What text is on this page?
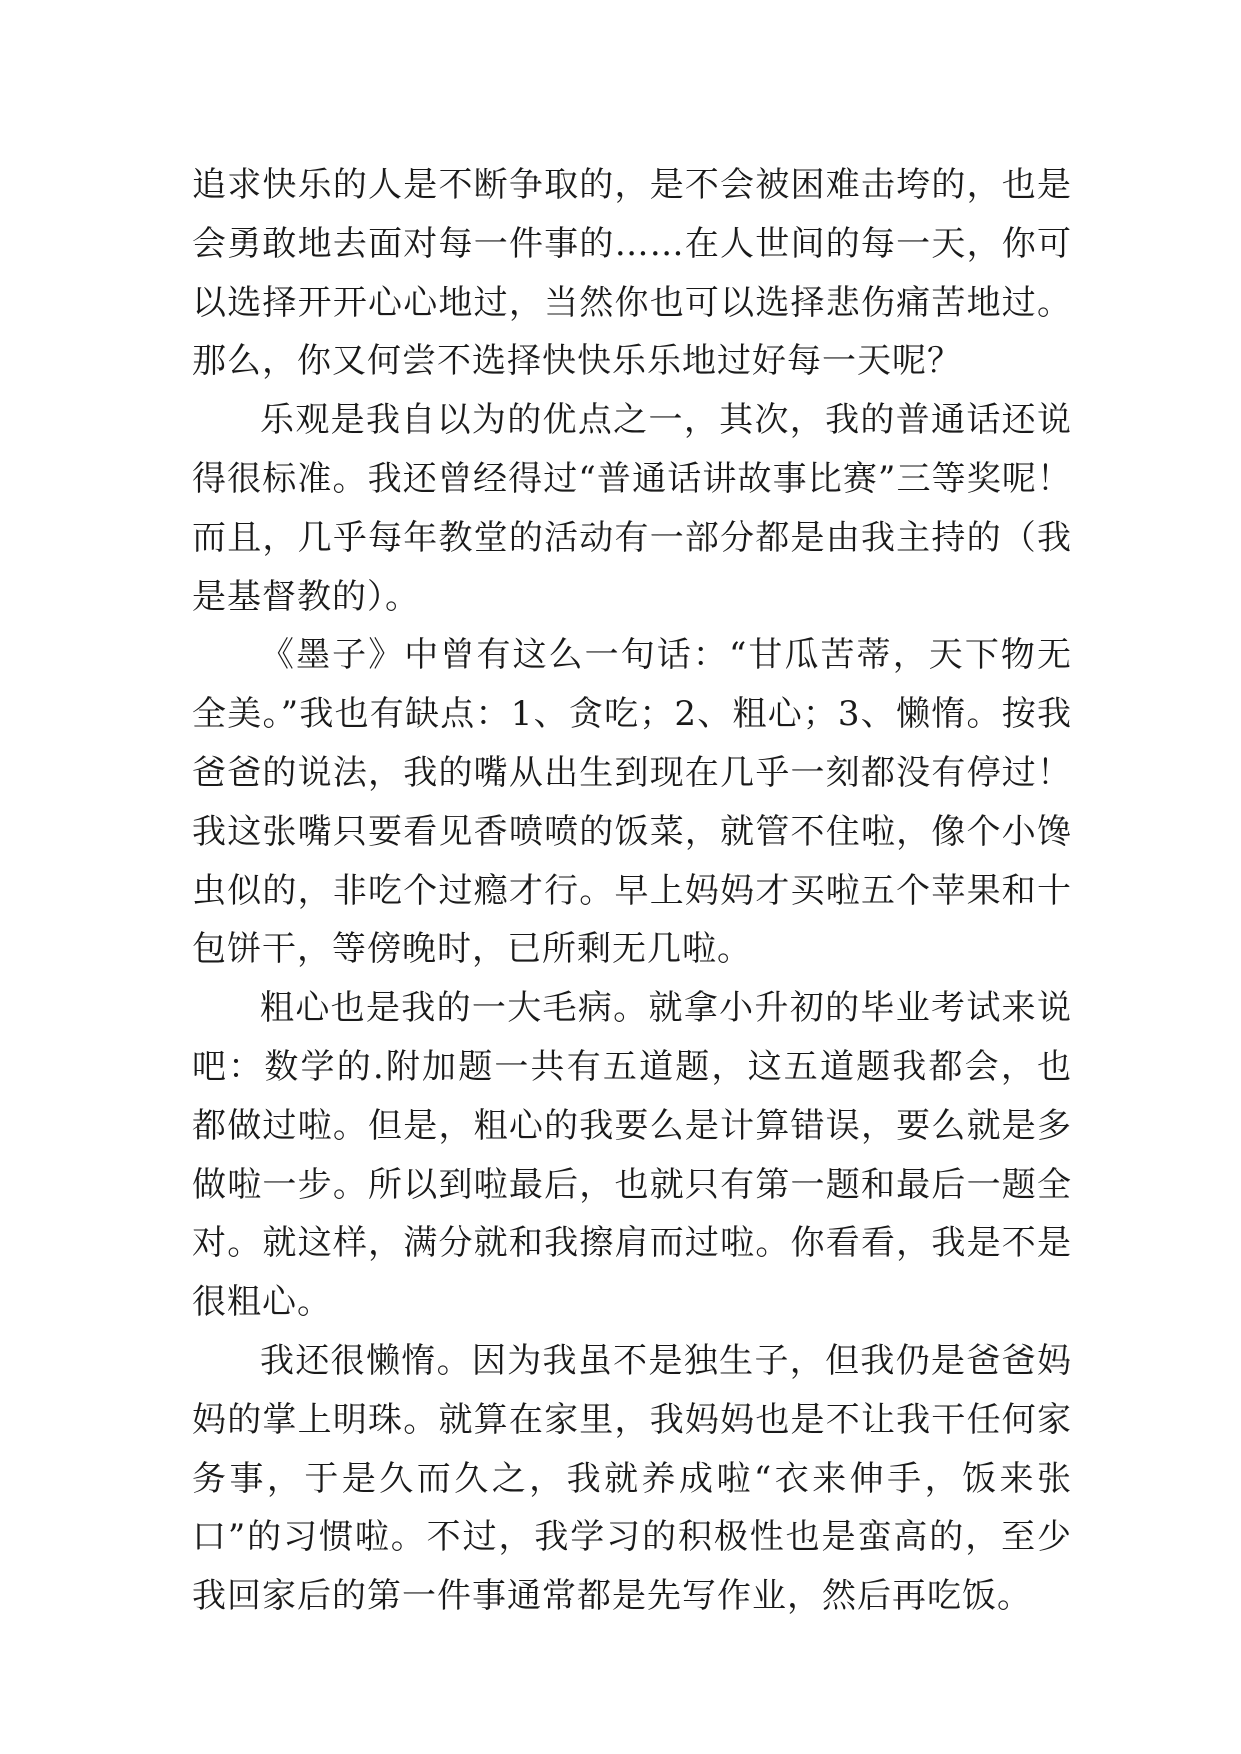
追求快乐的人是不断争取的，是不会被困难击垮的，也是会勇敢地去面对每一件事的……在人世间的每一天，你可以选择开开心心地过，当然你也可以选择悲伤痛苦地过。那么，你又何尝不选择快快乐乐地过好每一天呢？

乐观是我自以为的优点之一，其次，我的普通话还说得很标准。我还曾经得过“普通话讲故事比赛”三等奖呢！而且，几乎每年教堂的活动有一部分都是由我主持的（我是基督教的）。

《墨子》中曾有这么一句话：“甘瓜苦蒂，天下物无全美。”我也有缺点：1、贪吃；2、粗心；3、懒惰。按我爸爸的说法，我的嘴从出生到现在几乎一刻都没有停过！我这张嘴只要看见香喷喷的饭菜，就管不住啦，像个小馋虫似的，非吃个过瘾才行。早上妈妈才买啦五个苹果和十包饼干，等傍晚时，已所剩无几啦。

粗心也是我的一大毛病。就拿小升初的毕业考试来说吧：数学的.附加题一共有五道题，这五道题我都会，也都做过啦。但是，粗心的我要么是计算错误，要么就是多做啦一步。所以到啦最后，也就只有第一题和最后一题全对。就这样，满分就和我擦肩而过啦。你看看，我是不是很粗心。

我还很懒惰。因为我虽不是独生子，但我仍是爸爸妈妈的掌上明珠。就算在家里，我妈妈也是不让我干任何家务事，于是久而久之，我就养成啦“衣来伸手，饭来张口”的习惯啦。不过，我学习的积极性也是蛮高的，至少我回家后的第一件事通常都是先写作业，然后再吃饭。
